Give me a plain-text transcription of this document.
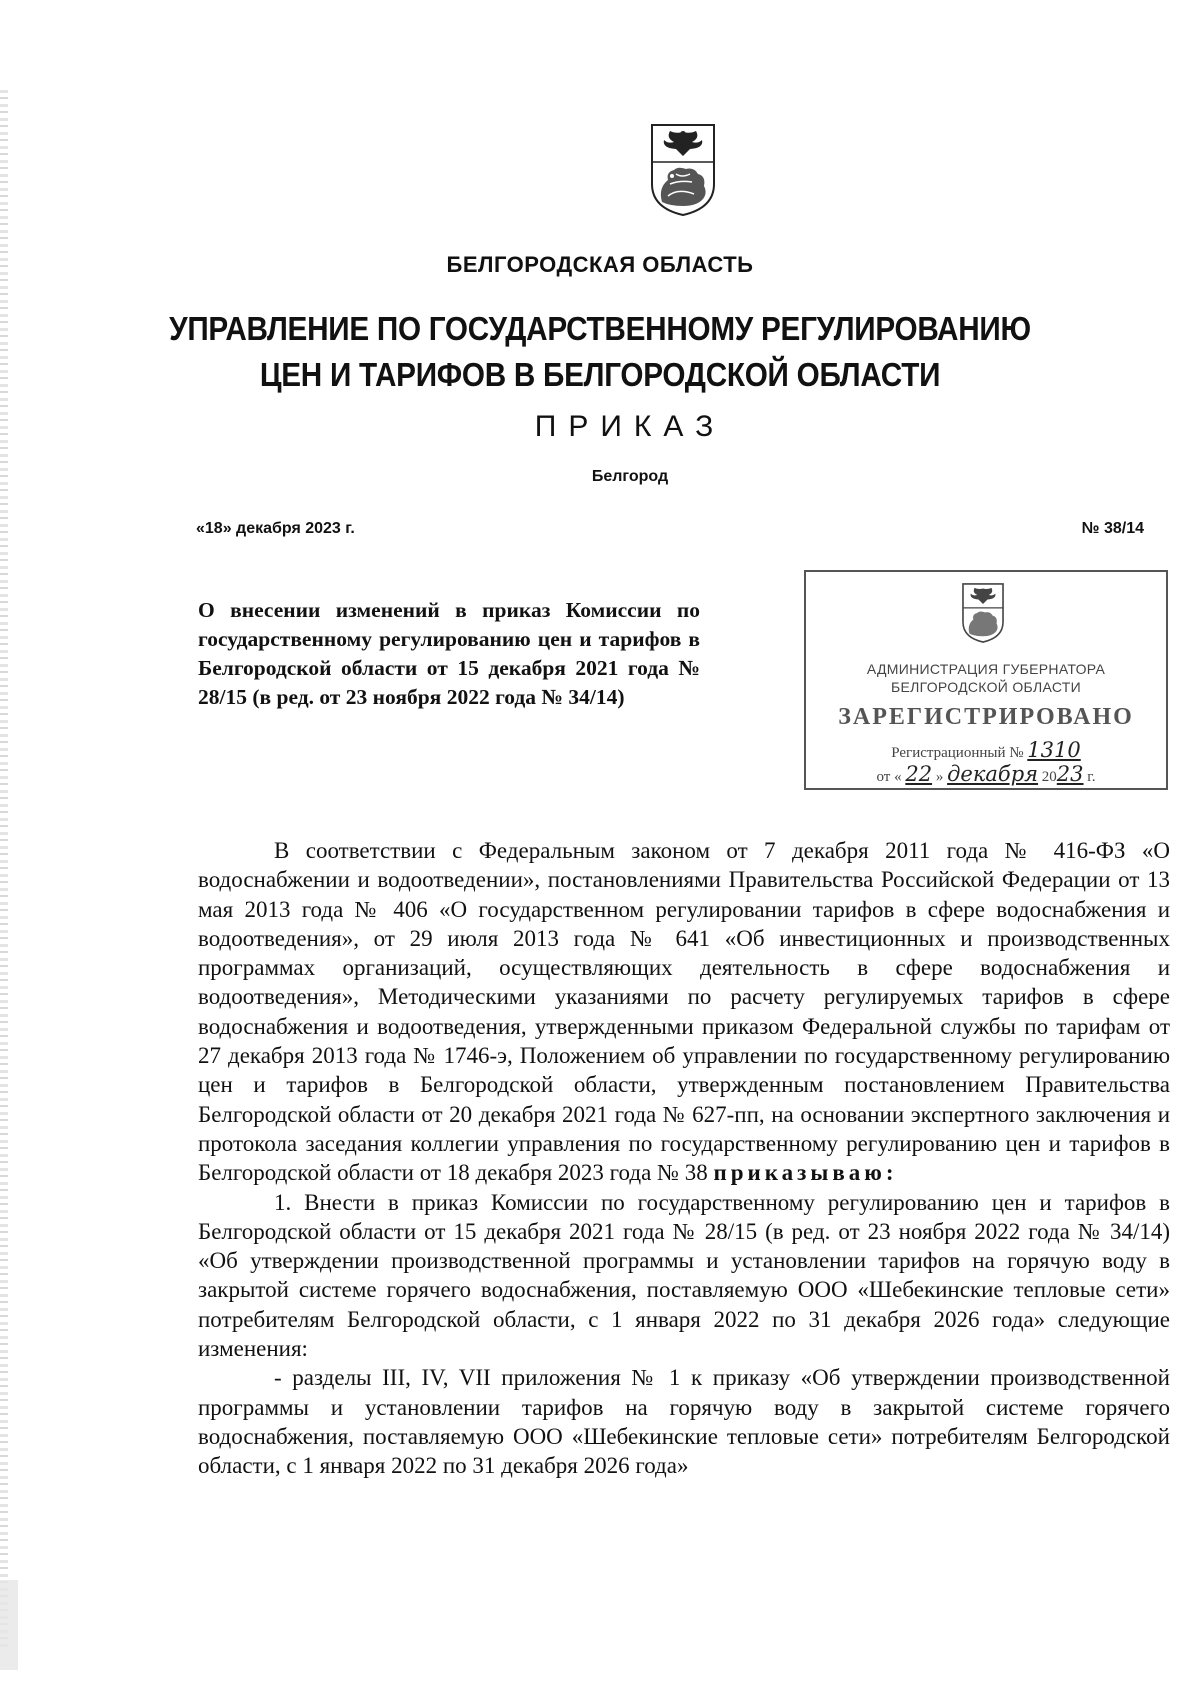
БЕЛГОРОДСКАЯ ОБЛАСТЬ
УПРАВЛЕНИЕ ПО ГОСУДАРСТВЕННОМУ РЕГУЛИРОВАНИЮ
ЦЕН И ТАРИФОВ В БЕЛГОРОДСКОЙ ОБЛАСТИ
ПРИКАЗ
Белгород
«18» декабря 2023 г.	№ 38/14
О внесении изменений в приказ Комиссии по государственному регулированию цен и тарифов в Белгородской области от 15 декабря 2021 года № 28/15 (в ред. от 23 ноября 2022 года № 34/14)
АДМИНИСТРАЦИЯ ГУБЕРНАТОРА
БЕЛГОРОДСКОЙ ОБЛАСТИ
ЗАРЕГИСТРИРОВАНО
Регистрационный № 1310
от « 22 » декабря 2023 г.

В соответствии с Федеральным законом от 7 декабря 2011 года № 416-ФЗ «О водоснабжении и водоотведении», постановлениями Правительства Российской Федерации от 13 мая 2013 года № 406 «О государственном регулировании тарифов в сфере водоснабжения и водоотведения», от 29 июля 2013 года № 641 «Об инвестиционных и производственных программах организаций, осуществляющих деятельность в сфере водоснабжения и водоотведения», Методическими указаниями по расчету регулируемых тарифов в сфере водоснабжения и водоотведения, утвержденными приказом Федеральной службы по тарифам от 27 декабря 2013 года № 1746-э, Положением об управлении по государственному регулированию цен и тарифов в Белгородской области, утвержденным постановлением Правительства Белгородской области от 20 декабря 2021 года № 627-пп, на основании экспертного заключения и протокола заседания коллегии управления по государственному регулированию цен и тарифов в Белгородской области от 18 декабря 2023 года № 38 приказываю:

1. Внести в приказ Комиссии по государственному регулированию цен и тарифов в Белгородской области от 15 декабря 2021 года № 28/15 (в ред. от 23 ноября 2022 года № 34/14) «Об утверждении производственной программы и установлении тарифов на горячую воду в закрытой системе горячего водоснабжения, поставляемую ООО «Шебекинские тепловые сети» потребителям Белгородской области, с 1 января 2022 по 31 декабря 2026 года» следующие изменения:

- разделы III, IV, VII приложения № 1 к приказу «Об утверждении производственной программы и установлении тарифов на горячую воду в закрытой системе горячего водоснабжения, поставляемую ООО «Шебекинские тепловые сети» потребителям Белгородской области, с 1 января 2022 по 31 декабря 2026 года»
